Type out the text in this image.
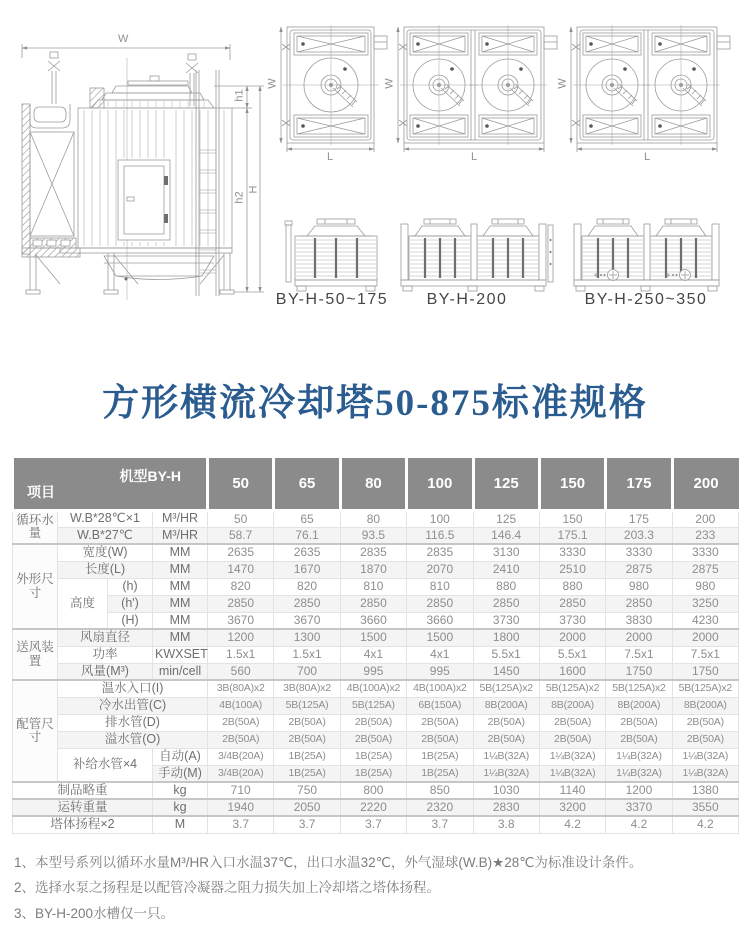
W
h1
h2
H
W
L
W
L
W
L
BY-H-50~175	BY-H-200	BY-H-250~350
方形横流冷却塔50-875标准规格
项目
机型BY-H				50	65	80	100	125	150	175	200
循环水量	W.B*28℃×1		M³/HR	50	65	80	100	125	150	175	200
	W.B*27℃		M³/HR	58.7	76.1	93.5	116.5	146.4	175.1	203.3	233
外形尺寸	宽度(W)		MM	2635	2635	2835	2835	3130	3330	3330	3330
	长度(L)		MM	1470	1670	1870	2070	2410	2510	2875	2875
	高度	(h)	MM	820	820	810	810	880	880	980	980
		(h')	MM	2850	2850	2850	2850	2850	2850	2850	3250
		(H)	MM	3670	3670	3660	3660	3730	3730	3830	4230
送风装置	风扇直径		MM	1200	1300	1500	1500	1800	2000	2000	2000
	功率		KWXSET	1.5x1	1.5x1	4x1	4x1	5.5x1	5.5x1	7.5x1	7.5x1
	风量(M³)		min/cell	560	700	995	995	1450	1600	1750	1750
配管尺寸	温水入口(I)			3B(80A)x2	3B(80A)x2	4B(100A)x2	4B(100A)x2	5B(125A)x2	5B(125A)x2	5B(125A)x2	5B(125A)x2
	冷水出管(C)			4B(100A)	5B(125A)	5B(125A)	6B(150A)	8B(200A)	8B(200A)	8B(200A)	8B(200A)
	排水管(D)			2B(50A)	2B(50A)	2B(50A)	2B(50A)	2B(50A)	2B(50A)	2B(50A)	2B(50A)
	溢水管(O)			2B(50A)	2B(50A)	2B(50A)	2B(50A)	2B(50A)	2B(50A)	2B(50A)	2B(50A)
	补给水管×4		自动(A)	3/4B(20A)	1B(25A)	1B(25A)	1B(25A)	1¼B(32A)	1¼B(32A)	1¼B(32A)	1¼B(32A)
			手动(M)	3/4B(20A)	1B(25A)	1B(25A)	1B(25A)	1¼B(32A)	1¼B(32A)	1¼B(32A)	1¼B(32A)
制品略重			kg	710	750	800	850	1030	1140	1200	1380
运转重量			kg	1940	2050	2220	2320	2830	3200	3370	3550
塔体扬程×2			M	3.7	3.7	3.7	3.7	3.8	4.2	4.2	4.2
1、本型号系列以循环水量M³/HR入口水温37℃，出口水温32℃，外气湿球(W.B)★28℃为标准设计条件。
2、选择水泵之扬程是以配管冷凝器之阻力损失加上冷却塔之塔体扬程。
3、BY-H-200水槽仅一只。
